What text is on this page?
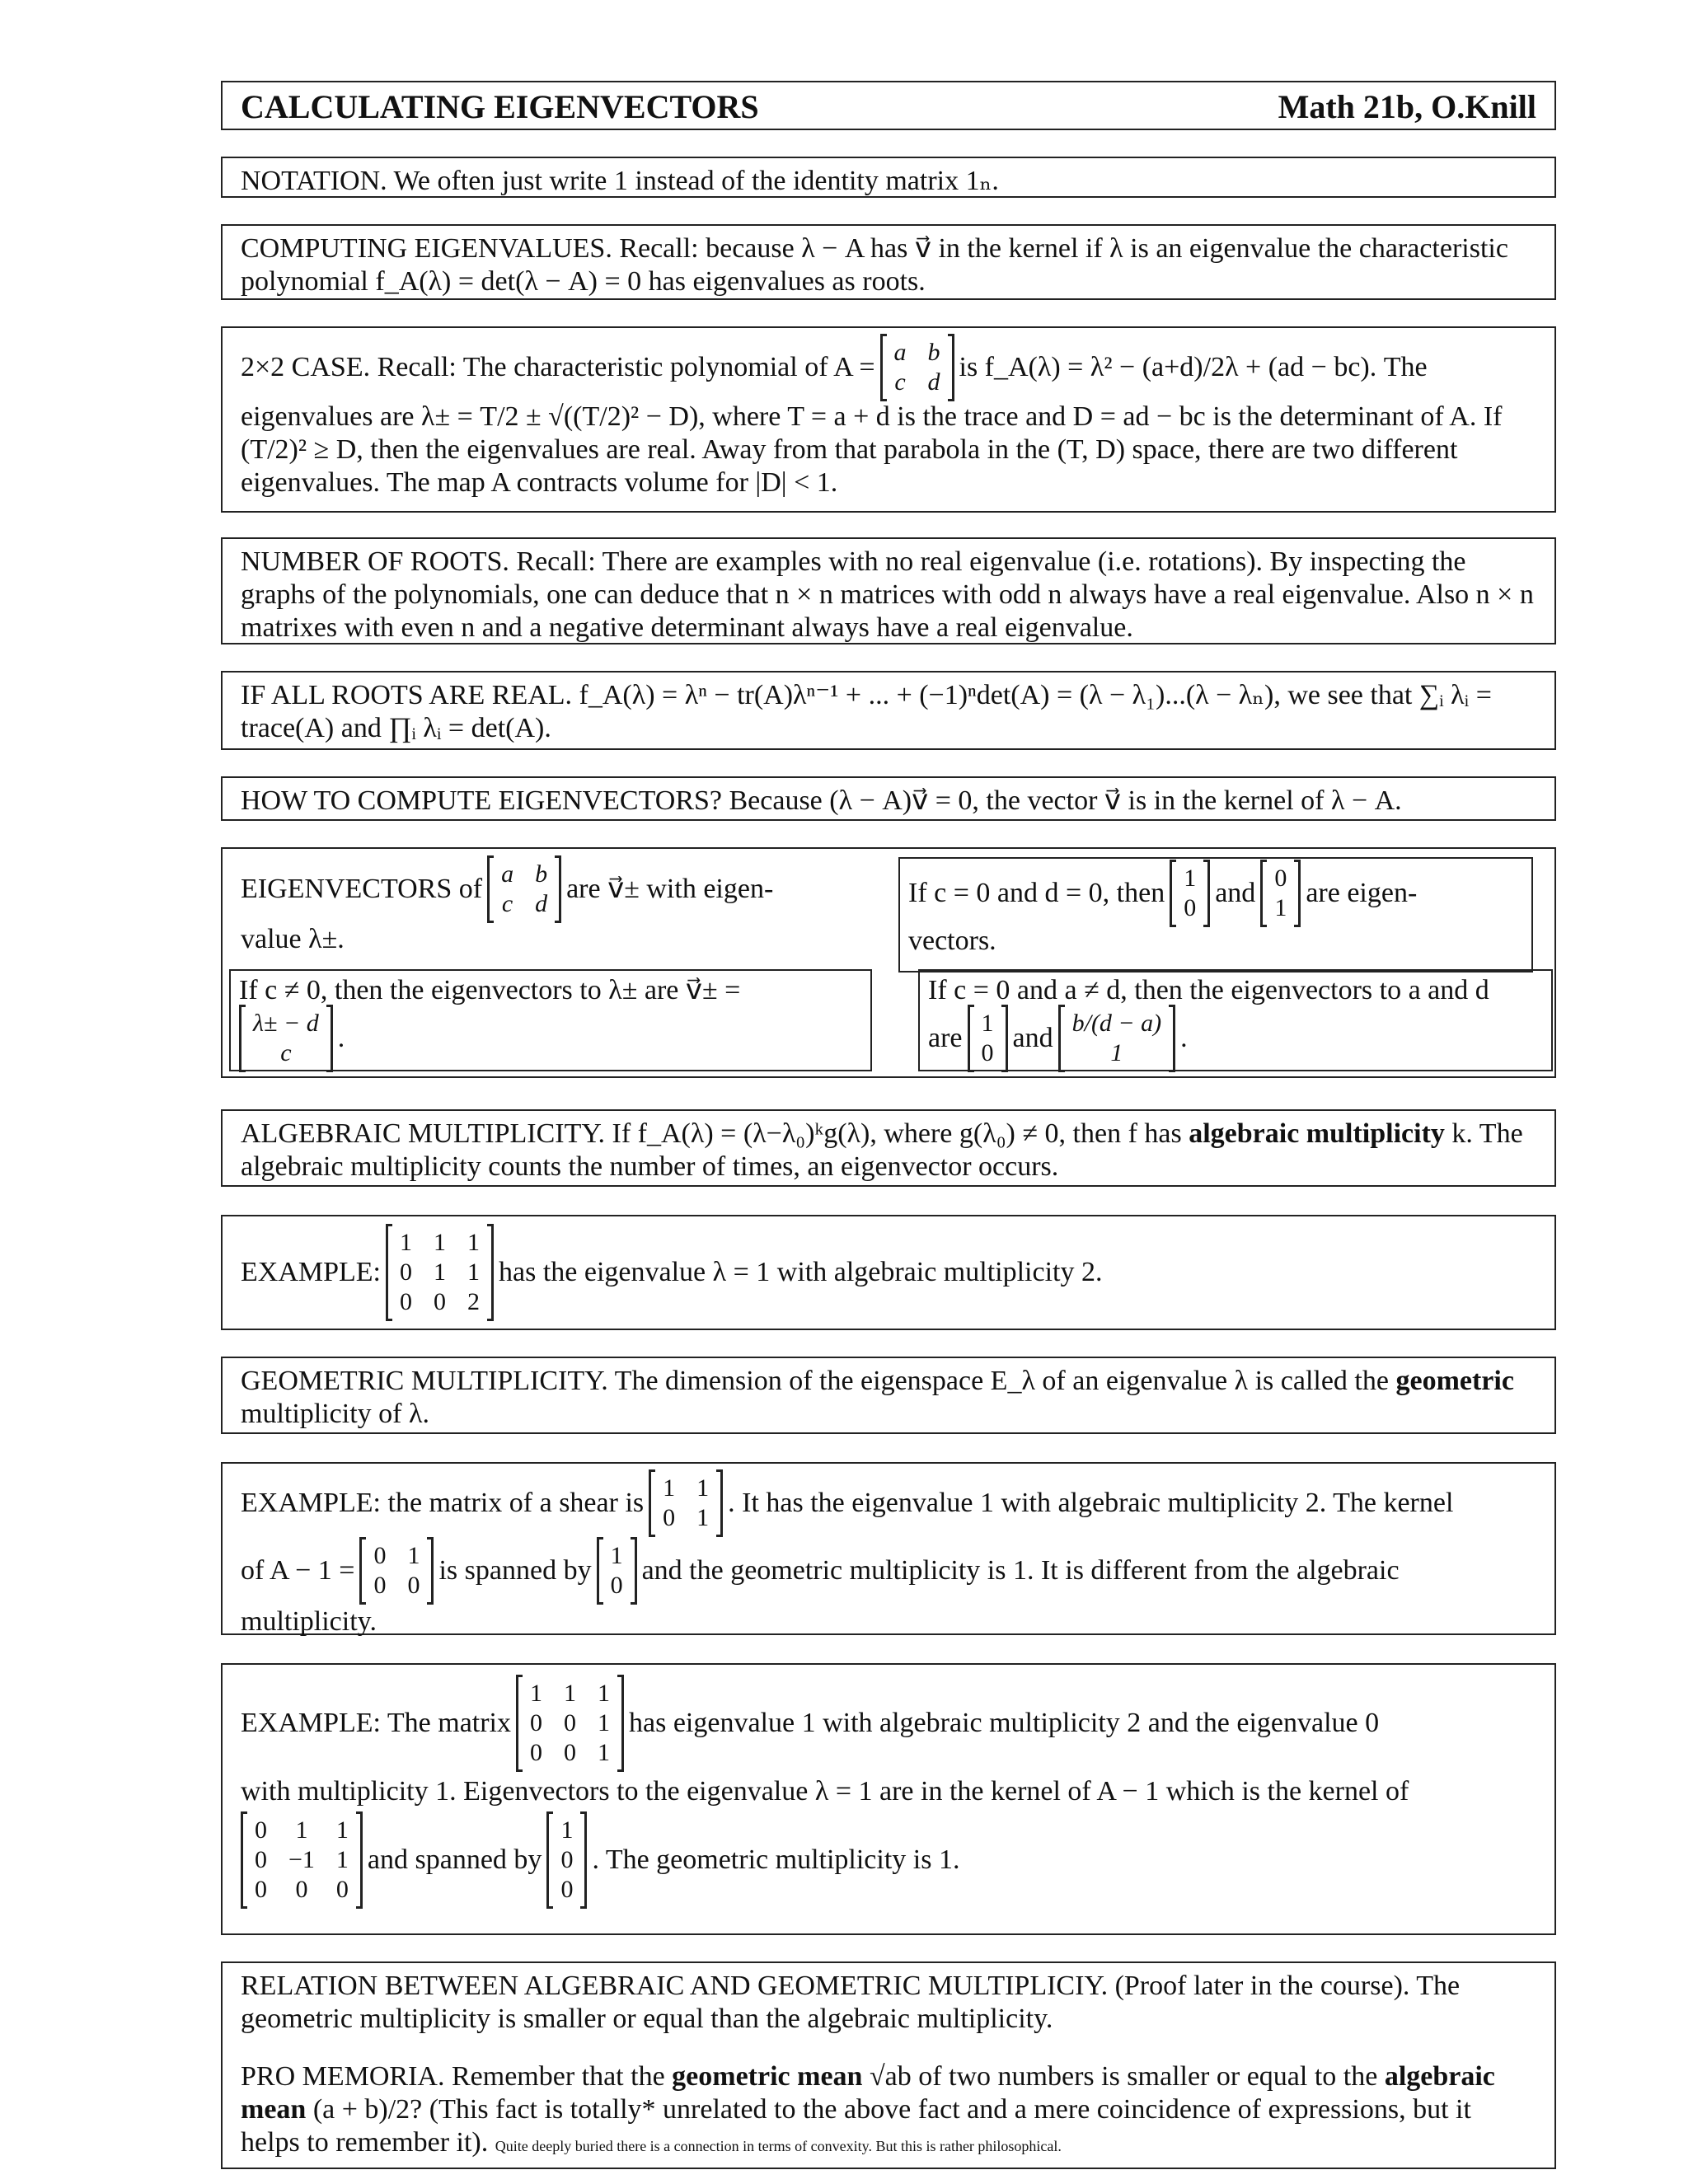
CALCULATING EIGENVECTORS	Math 21b, O.Knill
NOTATION. We often just write 1 instead of the identity matrix 1ₙ.
COMPUTING EIGENVALUES. Recall: because λ − A has v⃗ in the kernel if λ is an eigenvalue the characteristic polynomial f_A(λ) = det(λ − A) = 0 has eigenvalues as roots.
2×2 CASE. Recall: The characteristic polynomial of A = a b
c d is f_A(λ) = λ² − (a+d)/2λ + (ad − bc). The
eigenvalues are λ± = T/2 ± √((T/2)² − D), where T = a + d is the trace and D = ad − bc is the determinant of A. If (T/2)² ≥ D, then the eigenvalues are real. Away from that parabola in the (T, D) space, there are two different eigenvalues. The map A contracts volume for |D| < 1.
NUMBER OF ROOTS. Recall: There are examples with no real eigenvalue (i.e. rotations). By inspecting the graphs of the polynomials, one can deduce that n × n matrices with odd n always have a real eigenvalue. Also n × n matrixes with even n and a negative determinant always have a real eigenvalue.
IF ALL ROOTS ARE REAL. f_A(λ) = λⁿ − tr(A)λⁿ⁻¹ + ... + (−1)ⁿdet(A) = (λ − λ₁)...(λ − λₙ), we see that ∑ᵢ λᵢ = trace(A) and ∏ᵢ λᵢ = det(A).
HOW TO COMPUTE EIGENVECTORS? Because (λ − A)v⃗ = 0, the vector v⃗ is in the kernel of λ − A.
EIGENVECTORS of a b
c d are v⃗± with eigen-
value λ±.
If c = 0 and d = 0, then 1
0 and 0
1 are eigen-
vectors.
If c ≠ 0, then the eigenvectors to λ± are v⃗± =
λ± − d
c	.
If c = 0 and a ≠ d, then the eigenvectors to a and d
are 1
0 and b/(d − a)
1	.
ALGEBRAIC MULTIPLICITY. If f_A(λ) = (λ−λ₀)ᵏg(λ), where g(λ₀) ≠ 0, then f has algebraic multiplicity k. The algebraic multiplicity counts the number of times, an eigenvector occurs.
EXAMPLE:
1 1 1
0 1 1
0 0 2
has the eigenvalue λ = 1 with algebraic multiplicity 2.
GEOMETRIC MULTIPLICITY. The dimension of the eigenspace E_λ of an eigenvalue λ is called the geometric multiplicity of λ.
EXAMPLE: the matrix of a shear is 1 1
0 1 . It has the eigenvalue 1 with algebraic multiplicity 2. The kernel
of A − 1 = 0 1
0 0 is spanned by 1
0 and the geometric multiplicity is 1. It is different from the algebraic
multiplicity.
EXAMPLE: The matrix
1 1 1
0 0 1
0 0 1
has eigenvalue 1 with algebraic multiplicity 2 and the eigenvalue 0
with multiplicity 1. Eigenvectors to the eigenvalue λ = 1 are in the kernel of A − 1 which is the kernel of
0 1 1
0 −1 1
0 0 0
and spanned by
1
0
0
. The geometric multiplicity is 1.
RELATION BETWEEN ALGEBRAIC AND GEOMETRIC MULTIPLICIY. (Proof later in the course). The geometric multiplicity is smaller or equal than the algebraic multiplicity.
PRO MEMORIA. Remember that the geometric mean √ab of two numbers is smaller or equal to the algebraic mean (a + b)/2? (This fact is totally* unrelated to the above fact and a mere coincidence of expressions, but it helps to remember it). Quite deeply buried there is a connection in terms of convexity. But this is rather philosophical.
